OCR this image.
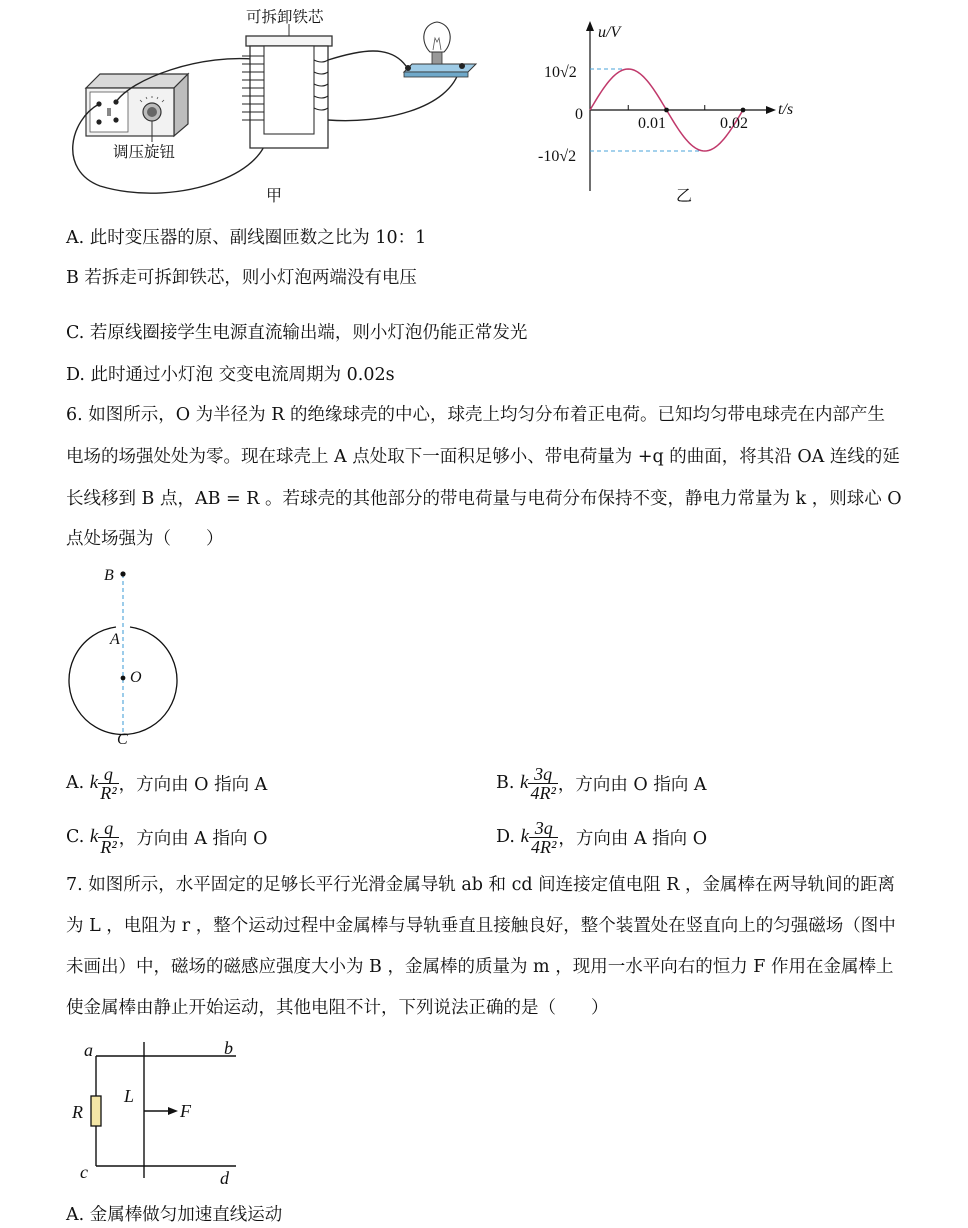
可拆卸铁芯
调压旋钮
甲
u/V
t/s
10√2
0
-10√2
0.01	0.02
乙
A. 此时变压器的原、副线圈匝数之比为 10：1
B 若拆走可拆卸铁芯，则小灯泡两端没有电压
C. 若原线圈接学生电源直流输出端，则小灯泡仍能正常发光
D. 此时通过小灯泡 交变电流周期为 0.02s
6. 如图所示，O 为半径为 R 的绝缘球壳的中心，球壳上均匀分布着正电荷。已知均匀带电球壳在内部产生
电场的场强处处为零。现在球壳上 A 点处取下一面积足够小、带电荷量为 +q 的曲面，将其沿 OA 连线的延
长线移到 B 点，AB = R 。若球壳的其他部分的带电荷量与电荷分布保持不变，静电力常量为 k ，则球心 O
点处场强为（　　）
B
A
O
C
A.
k $\frac{q}{\text{R²}}$ ，方向由 O 指向 A	B.
k $\frac{3q}{\text{4R²}}$ ，方向由 O 指向 A
C.
k $\frac{q}{\text{R²}}$ ，方向由 A 指向 O	D.
k $\frac{3q}{\text{4R²}}$ ，方向由 A 指向 O
7. 如图所示，水平固定的足够长平行光滑金属导轨 ab 和 cd 间连接定值电阻 R ，金属棒在两导轨间的距离
为 L ，电阻为 r ，整个运动过程中金属棒与导轨垂直且接触良好，整个装置处在竖直向上的匀强磁场（图中
未画出）中，磁场的磁感应强度大小为 B ，金属棒的质量为 m ，现用一水平向右的恒力 F 作用在金属棒上
使金属棒由静止开始运动，其他电阻不计，下列说法正确的是（　　）
a	b
c	d
R
L
F
A. 金属棒做匀加速直线运动
